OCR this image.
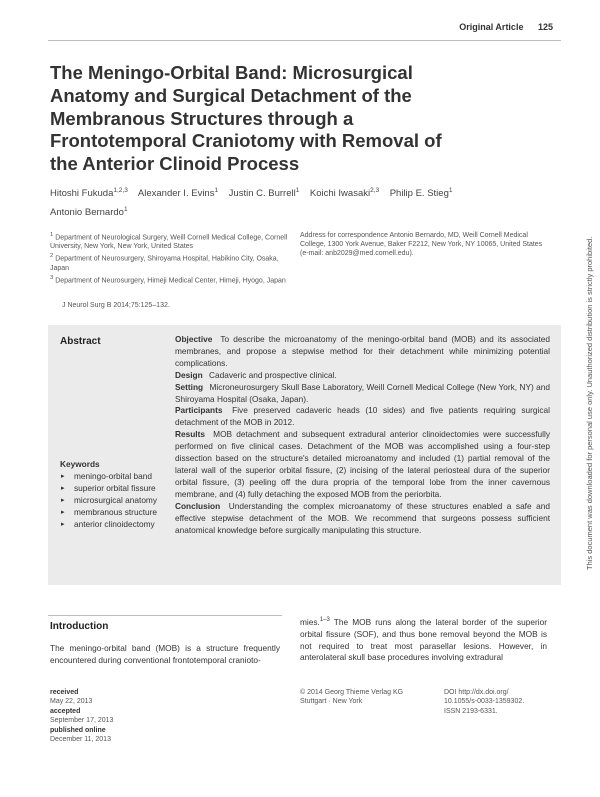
Original Article 125
The Meningo-Orbital Band: Microsurgical Anatomy and Surgical Detachment of the Membranous Structures through a Frontotemporal Craniotomy with Removal of the Anterior Clinoid Process
Hitoshi Fukuda$^{1,2,3}$ Alexander I. Evins$^1$ Justin C. Burrell$^1$ Koichi Iwasaki$^{2,3}$ Philip E. Stieg$^1$
Antonio Bernardo$^1$

$^1$ Department of Neurological Surgery, Weill Cornell Medical College, Cornell University, New York, New York, United States

$^2$ Department of Neurosurgery, Shiroyama Hospital, Habikino City, Osaka, Japan

$^3$ Department of Neurosurgery, Himeji Medical Center, Himeji, Hyogo, Japan

Address for correspondence Antonio Bernardo, MD, Weill Cornell Medical College, 1300 York Avenue, Baker F2212, New York, NY 10065, United States (e-mail: anb2029@med.cornell.edu).
J Neurol Surg B 2014;75:125–132.
Abstract	Objective To describe the microanatomy of the meningo-orbital band (MOB) and its associated membranes, and propose a stepwise method for their detachment while minimizing potential complications.

Design Cadaveric and prospective clinical.

Setting Microneurosurgery Skull Base Laboratory, Weill Cornell Medical College (New York, NY) and Shiroyama Hospital (Osaka, Japan).

Participants Five preserved cadaveric heads (10 sides) and five patients requiring surgical detachment of the MOB in 2012.

Results MOB detachment and subsequent extradural anterior clinoidectomies were successfully performed on five clinical cases. Detachment of the MOB was accomplished using a four-step dissection based on the structure's detailed microanatomy and included (1) partial removal of the lateral wall of the superior orbital fissure, (2) incising of the lateral periosteal dura of the superior orbital fissure, (3) peeling off the dura propria of the temporal lobe from the inner cavernous membrane, and (4) fully detaching the exposed MOB from the periorbita.

Conclusion Understanding the complex microanatomy of these structures enabled a safe and effective stepwise detachment of the MOB. We recommend that surgeons possess sufficient anatomical knowledge before surgically manipulating this structure.

Keywords
▸ meningo-orbital band
▸ superior orbital fissure
▸ microsurgical anatomy
▸ membranous structure
▸ anterior clinoidectomy
Introduction
The meningo-orbital band (MOB) is a structure frequently encountered during conventional frontotemporal cranioto-
mies.$^{1-3}$ The MOB runs along the lateral border of the superior orbital fissure (SOF), and thus bone removal beyond the MOB is not required to treat most parasellar lesions. However, in anterolateral skull base procedures involving extradural
received
May 22, 2013
accepted
September 17, 2013
published online
December 11, 2013
© 2014 Georg Thieme Verlag KG
Stuttgart · New York
DOI http://dx.doi.org/
10.1055/s-0033-1359302.
ISSN 2193-6331.
This document was downloaded for personal use only. Unauthorized distribution is strictly prohibited.
